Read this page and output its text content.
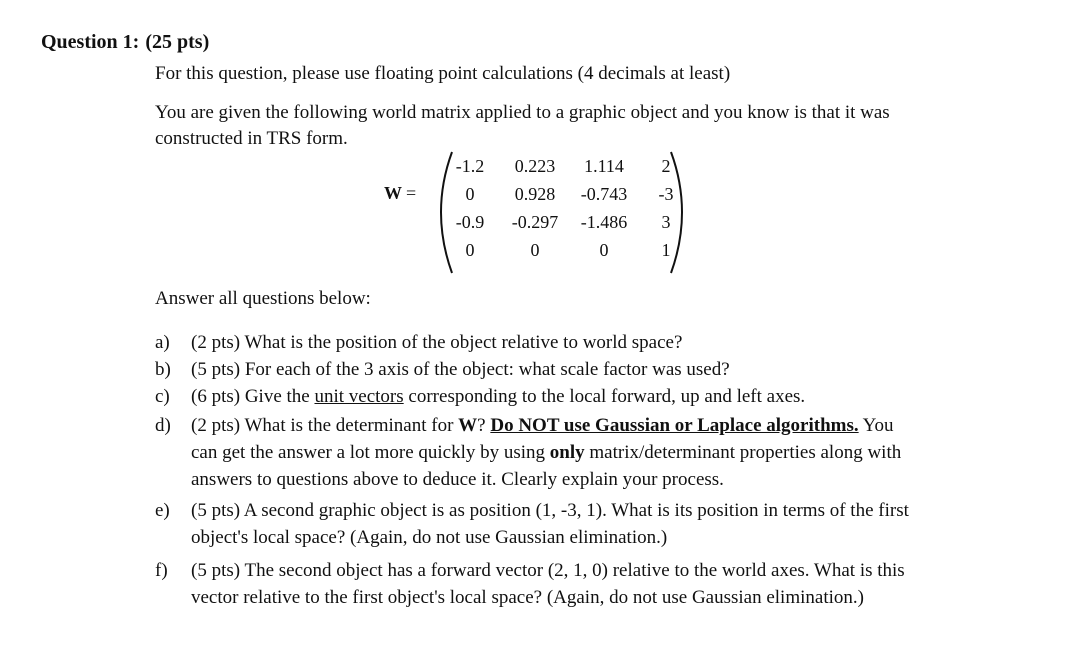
Question 1: (25 pts)
For this question, please use floating point calculations (4 decimals at least)
You are given the following world matrix applied to a graphic object and you know is that it was
constructed in TRS form.
W =
-1.2	0.223	1.114	2
0	0.928	-0.743	-3
-0.9	-0.297	-1.486	3
0	0	0	1
Answer all questions below:
a) (2 pts) What is the position of the object relative to world space?
b) (5 pts) For each of the 3 axis of the object: what scale factor was used?
c) (6 pts) Give the unit vectors corresponding to the local forward, up and left axes.
d) (2 pts) What is the determinant for W? Do NOT use Gaussian or Laplace algorithms. You
can get the answer a lot more quickly by using only matrix/determinant properties along with
answers to questions above to deduce it. Clearly explain your process.
e) (5 pts) A second graphic object is as position (1, -3, 1). What is its position in terms of the first
object's local space? (Again, do not use Gaussian elimination.)
f) (5 pts) The second object has a forward vector (2, 1, 0) relative to the world axes. What is this
vector relative to the first object's local space? (Again, do not use Gaussian elimination.)
